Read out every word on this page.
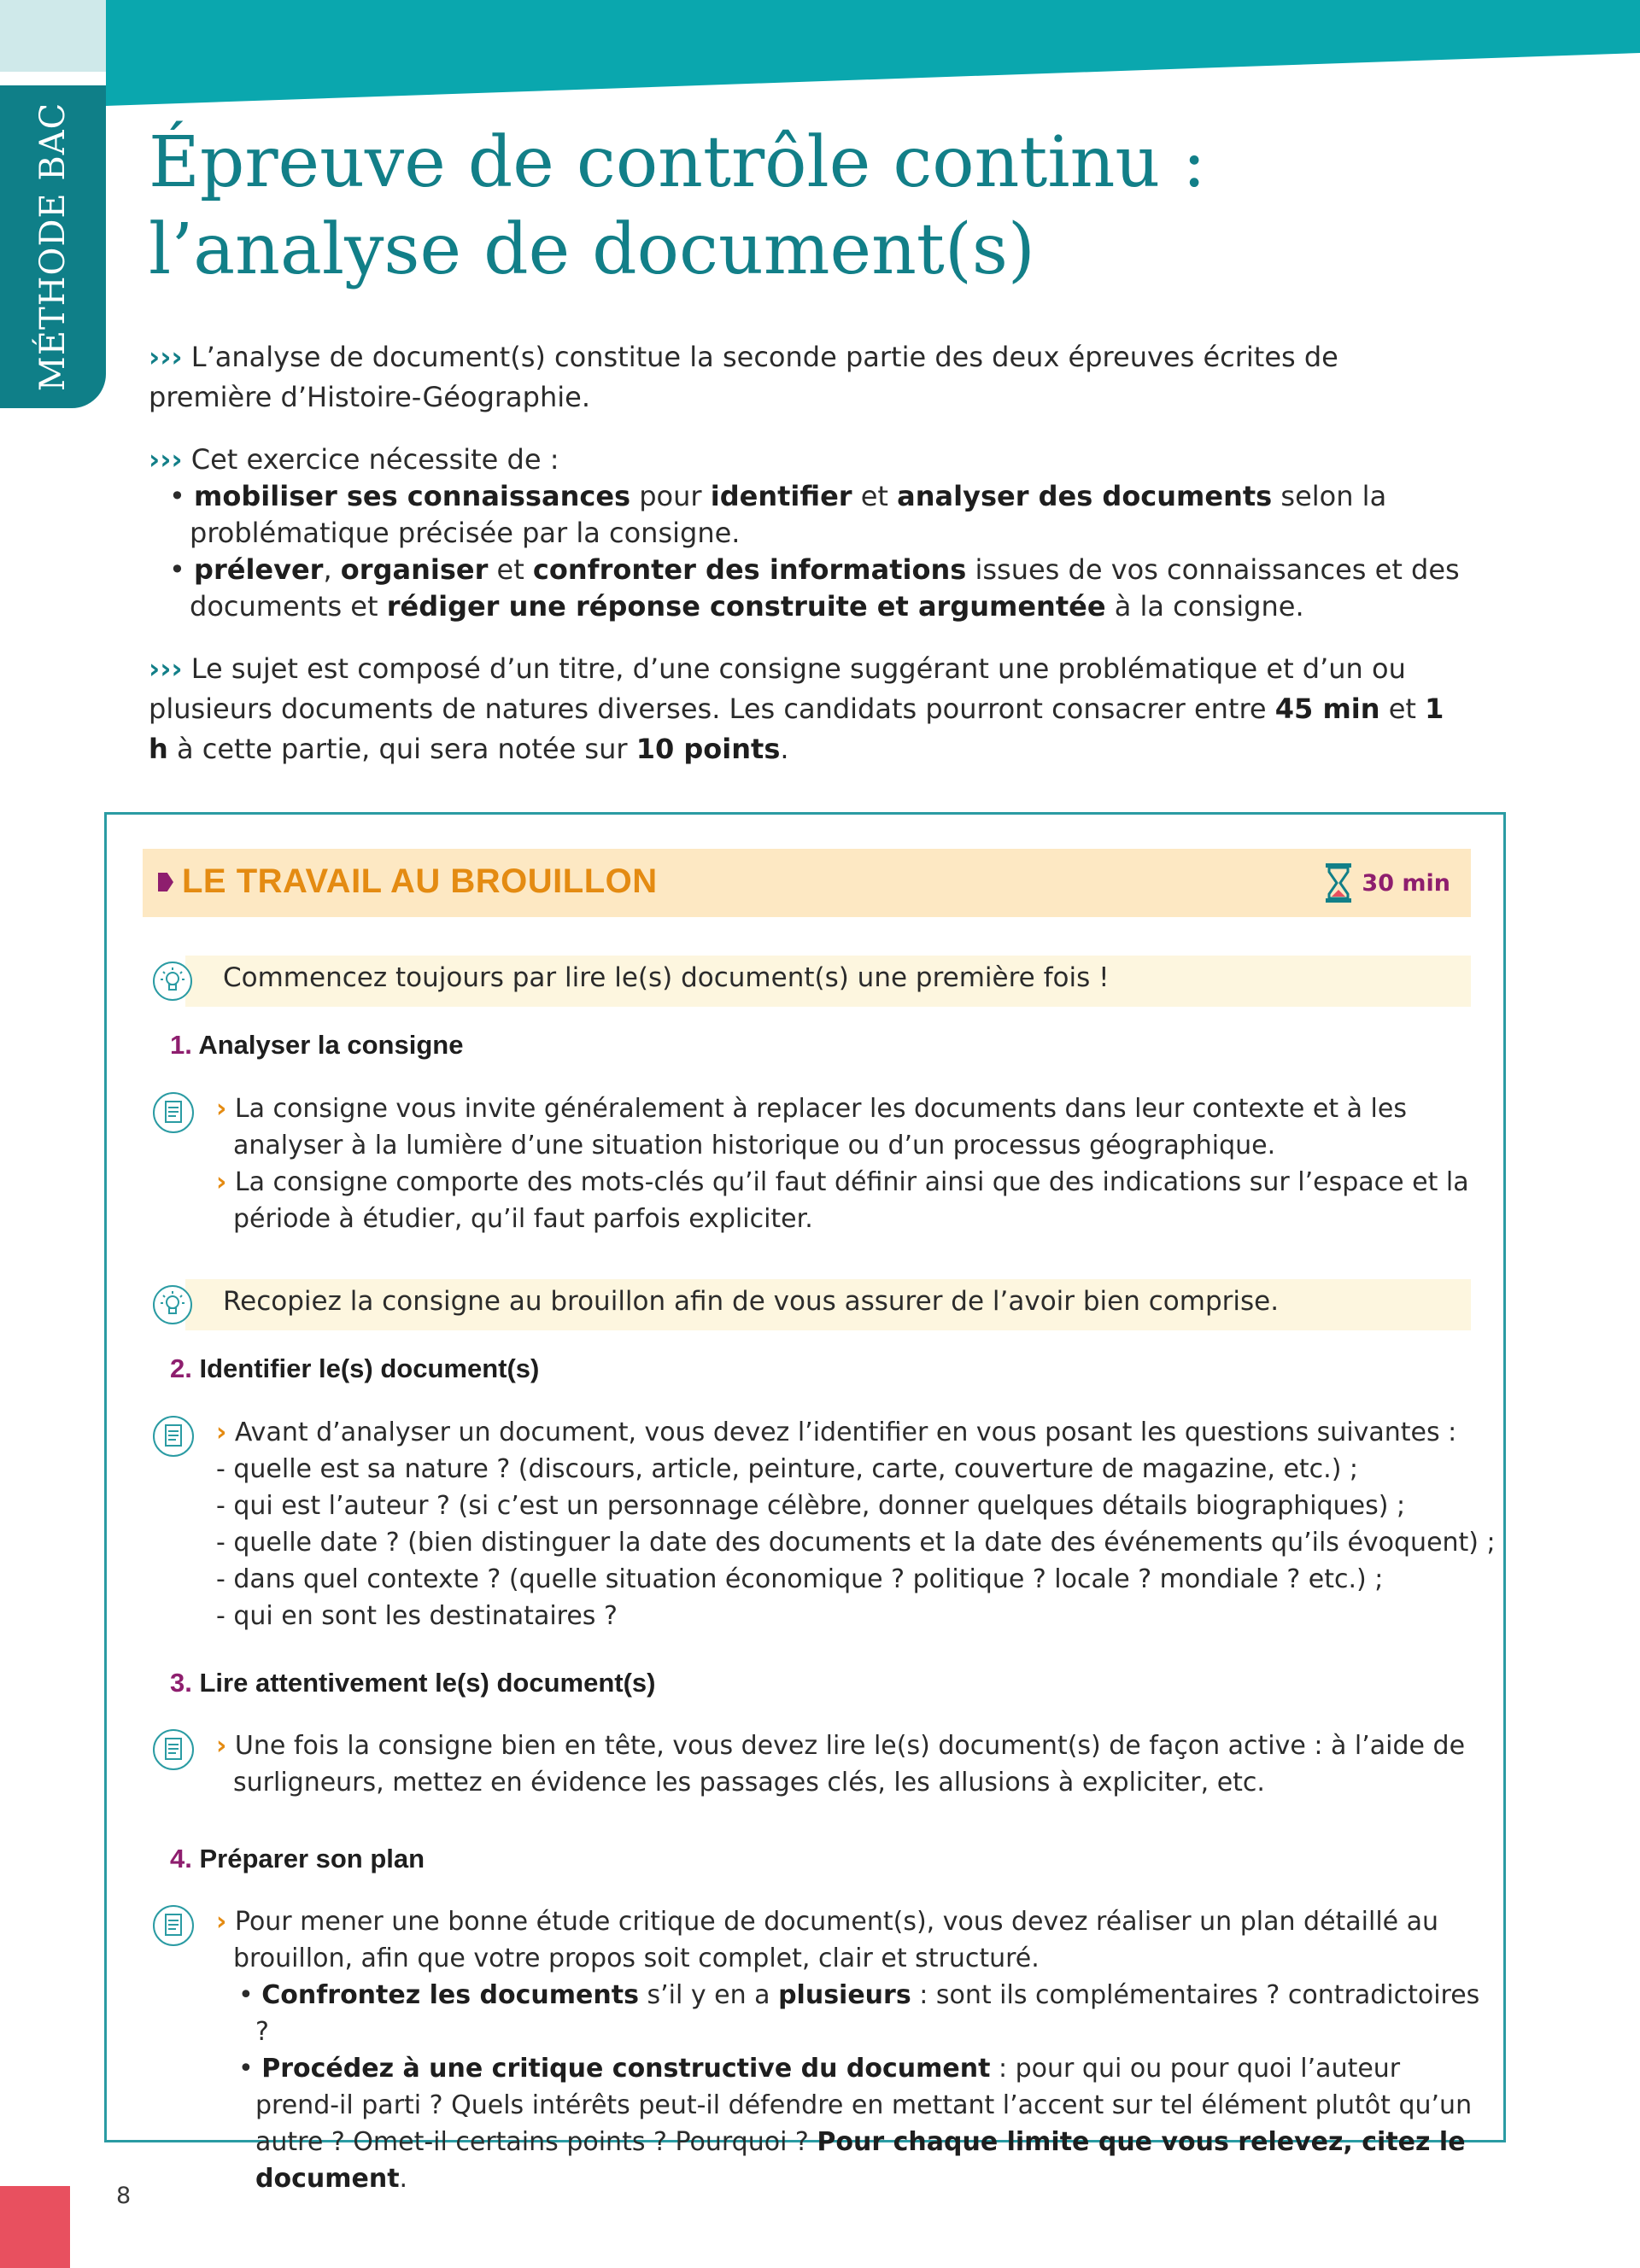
MÉTHODE BAC Épreuve de contrôle continu :
l’analyse de document(s)

››› L’analyse de document(s) constitue la seconde partie des deux épreuves écrites de première d’Histoire-Géographie.

››› Cet exercice nécessite de :

• mobiliser ses connaissances pour identifier et analyser des documents selon la problématique précisée par la consigne.

• prélever, organiser et confronter des informations issues de vos connaissances et des documents et rédiger une réponse construite et argumentée à la consigne.

››› Le sujet est composé d’un titre, d’une consigne suggérant une problématique et d’un ou plusieurs documents de natures diverses. Les candidats pourront consacrer entre 45 min et 1 h à cette partie, qui sera notée sur 10 points.

LE TRAVAIL AU BROUILLON	30 min
Commencez toujours par lire le(s) document(s) une première fois !
1. Analyser la consigne

› La consigne vous invite généralement à replacer les documents dans leur contexte et à les analyser à la lumière d’une situation historique ou d’un processus géographique.

› La consigne comporte des mots-clés qu’il faut définir ainsi que des indications sur l’espace et la période à étudier, qu’il faut parfois expliciter.

Recopiez la consigne au brouillon afin de vous assurer de l’avoir bien comprise.
2. Identifier le(s) document(s)

› Avant d’analyser un document, vous devez l’identifier en vous posant les questions suivantes :

- quelle est sa nature ? (discours, article, peinture, carte, couverture de magazine, etc.) ;

- qui est l’auteur ? (si c’est un personnage célèbre, donner quelques détails biographiques) ;

- quelle date ? (bien distinguer la date des documents et la date des événements qu’ils évoquent) ;

- dans quel contexte ? (quelle situation économique ? politique ? locale ? mondiale ? etc.) ;

- qui en sont les destinataires ?

3. Lire attentivement le(s) document(s)

› Une fois la consigne bien en tête, vous devez lire le(s) document(s) de façon active : à l’aide de surligneurs, mettez en évidence les passages clés, les allusions à expliciter, etc.

4. Préparer son plan

› Pour mener une bonne étude critique de document(s), vous devez réaliser un plan détaillé au brouillon, afin que votre propos soit complet, clair et structuré.

• Confrontez les documents s’il y en a plusieurs : sont ils complémentaires ? contradictoires ?

• Procédez à une critique constructive du document : pour qui ou pour quoi l’auteur prend-il parti ? Quels intérêts peut-il défendre en mettant l’accent sur tel élément plutôt qu’un autre ? Omet-il certains points ? Pourquoi ? Pour chaque limite que vous relevez, citez le document.

8
